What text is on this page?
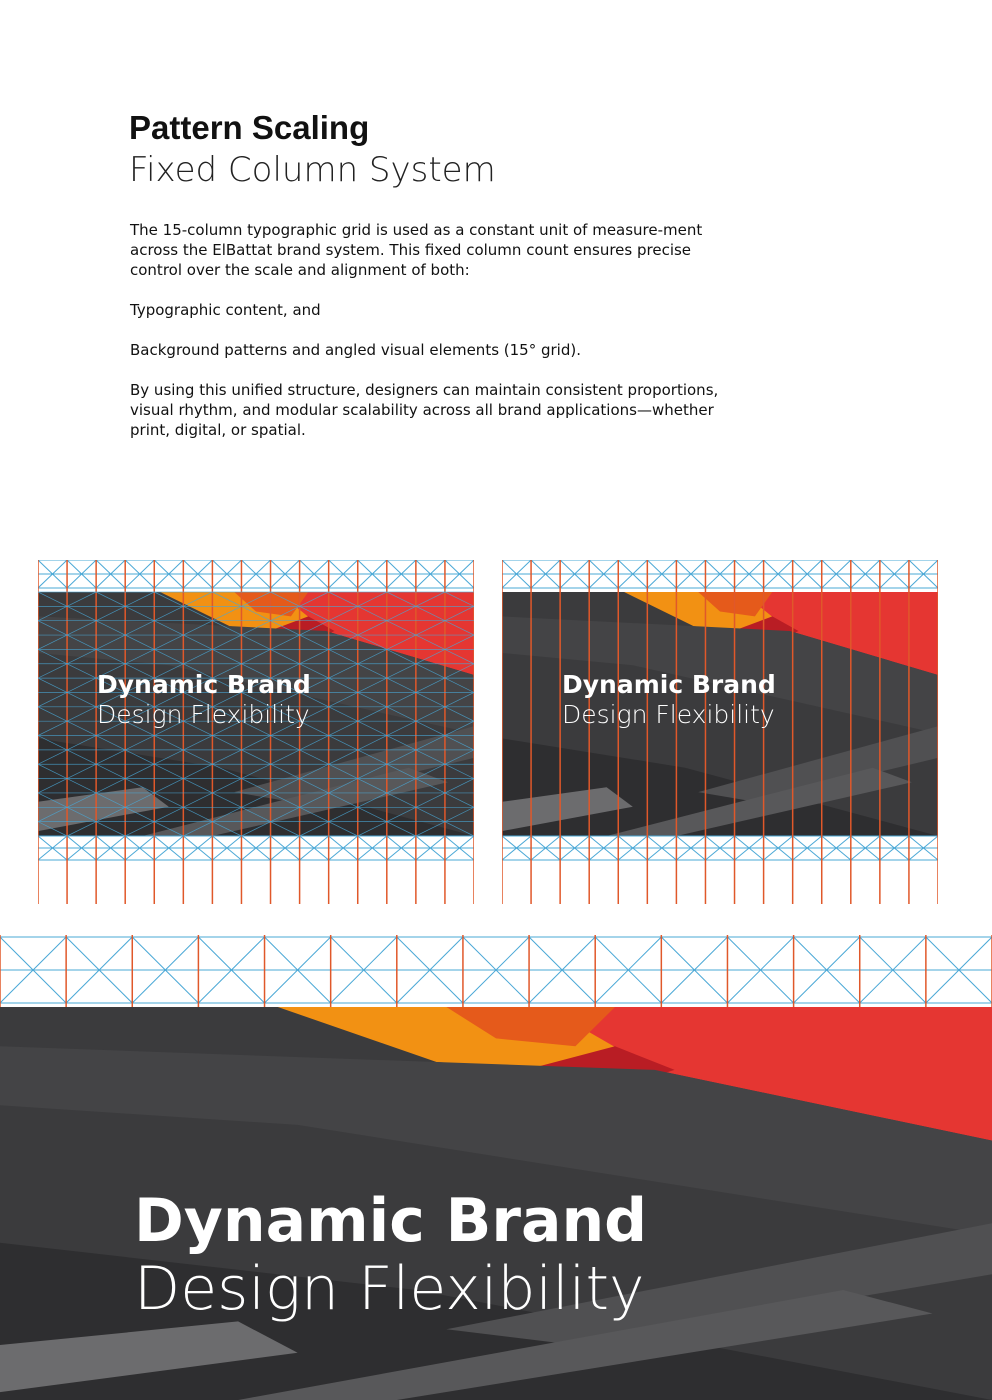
Pattern Scaling
Fixed Column System

The 15-column typographic grid is used as a constant unit of measure-ment across the ElBattat brand system. This fixed column count ensures precise control over the scale and alignment of both:

Typographic content, and

Background patterns and angled visual elements (15° grid).

By using this unified structure, designers can maintain consistent proportions, visual rhythm, and modular scalability across all brand applications—whether print, digital, or spatial.

Dynamic Brand
Design Flexibility
Dynamic Brand
Design Flexibility
Dynamic Brand
Design Flexibility
